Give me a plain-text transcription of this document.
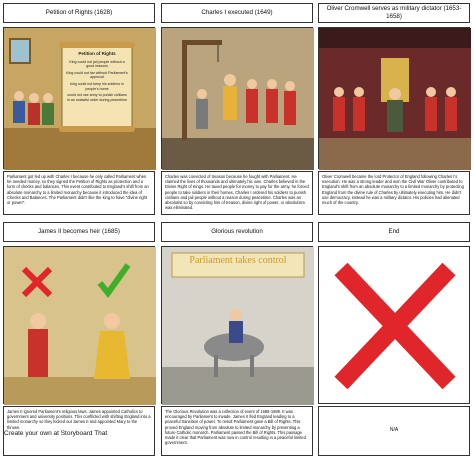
Petition of Rights (1628)
Petition of Rights
King could not jail people without a good reasons
King could not tax without Parliament's approval
king could not keep his soldiers in people's home
could not use army to punish civilians in an unlawful order during peacetime
Parliament got fed up with Charles I because he only called Parliament when he needed money, so they signed the Petition of Rights as protection and a form of checks and balances. This event contributed to England's shift from an absolute monarchy to a limited monarchy because it introduced the idea of Checks and Balances. The Parliament didn't like the king to have "divine right or power".
Charles I executed (1649)
Charles was convicted of treason because he fought with Parliament. He claimed the lives of thousands and ultimately his own. Charles believed in the Divine Right of Kings. He taxed people for money to pay for the army, he forced people to take soldiers in their homes, Charles I ordered his soldiers to punish civilians and jail people without a reason during peacetime. Charles was an absolutist so by convicting him of treason, divine right of power, or absolutism was eliminated.
Oliver Cromwell serves as military dictator (1653-1658)
Oliver Cromwell became the lord Protector of England following Charles I's execution. He was a strong leader and won the Civil War Oliver contributed to England's shift from an absolute monarchy to a limited monarchy by protecting England from the divine rule of Charles by ultimately executing him. He didn't use democracy, instead he was a military dictator. His policies had alienated much of the country.
James II becomes heir (1685)
James II ignored Parliament's religious laws. James appointed Catholics to government and university positions. This conflicted with shifting England into a limited monarchy so they kicked out James II and appointed Mary to the thrown.
Glorious revolution
Parliament takes control
The Glorious Revolution was a collection of event of 1688-1689. It was encouraged by Parliament to invade. James II fled England leading to a peaceful transition of power. To result Parliament gave a Bill of Rights. This proved England moving from absolute to limited monarchy by preventing a future Catholic monarch. Parliament passed the Bill of Rights. This passage made it clear that Parliament was now in control resulting in a peaceful limited government.
End
N/A
Create your own at Storyboard That
